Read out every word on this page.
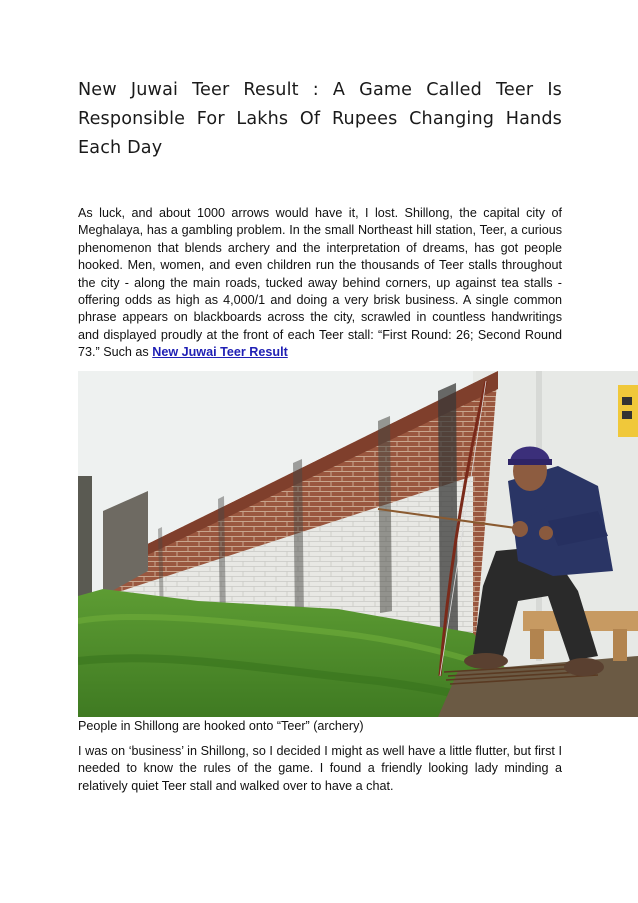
New Juwai Teer Result : A Game Called Teer Is Responsible For Lakhs Of Rupees Changing Hands Each Day
As luck, and about 1000 arrows would have it, I lost. Shillong, the capital city of Meghalaya, has a gambling problem. In the small Northeast hill station, Teer, a curious phenomenon that blends archery and the interpretation of dreams, has got people hooked. Men, women, and even children run the thousands of Teer stalls throughout the city - along the main roads, tucked away behind corners, up against tea stalls - offering odds as high as 4,000/1 and doing a very brisk business. A single common phrase appears on blackboards across the city, scrawled in countless handwritings and displayed proudly at the front of each Teer stall: “First Round: 26; Second Round 73.” Such as New Juwai Teer Result
People in Shillong are hooked onto “Teer” (archery)
I was on ‘business’ in Shillong, so I decided I might as well have a little flutter, but first I needed to know the rules of the game. I found a friendly looking lady minding a relatively quiet Teer stall and walked over to have a chat.
